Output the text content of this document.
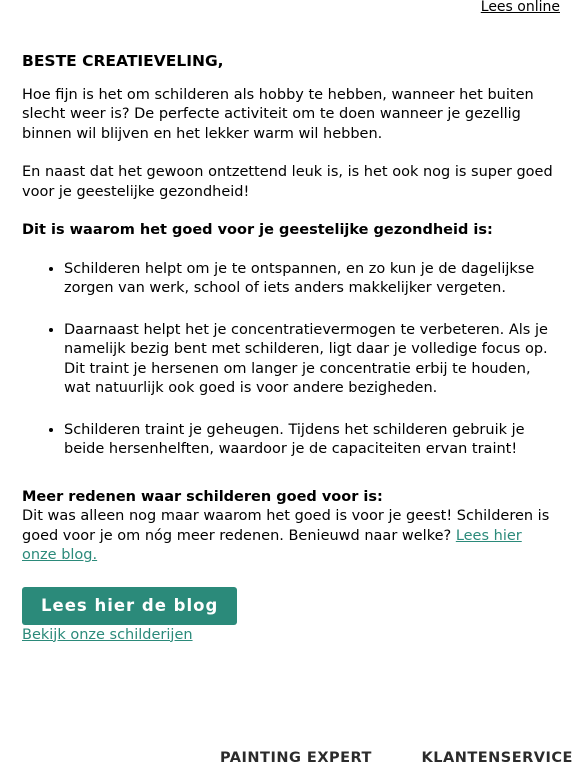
Lees online
BESTE CREATIEVELING,

Hoe fijn is het om schilderen als hobby te hebben, wanneer het buiten slecht weer is? De perfecte activiteit om te doen wanneer je gezellig binnen wil blijven en het lekker warm wil hebben.

En naast dat het gewoon ontzettend leuk is, is het ook nog is super goed voor je geestelijke gezondheid!

Dit is waarom het goed voor je geestelijke gezondheid is:
• Schilderen helpt om je te ontspannen, en zo kun je de dagelijkse zorgen van werk, school of iets anders makkelijker vergeten.
• Daarnaast helpt het je concentratievermogen te verbeteren. Als je namelijk bezig bent met schilderen, ligt daar je volledige focus op. Dit traint je hersenen om langer je concentratie erbij te houden, wat natuurlijk ook goed is voor andere bezigheden.
• Schilderen traint je geheugen. Tijdens het schilderen gebruik je beide hersenhelften, waardoor je de capaciteiten ervan traint!
Meer redenen waar schilderen goed voor is:
Dit was alleen nog maar waarom het goed is voor je geest! Schilderen is goed voor je om nóg meer redenen. Benieuwd naar welke? Lees hier onze blog.
Lees hier de blog
Bekijk onze schilderijen
PAINTING EXPERT	KLANTENSERVICE
